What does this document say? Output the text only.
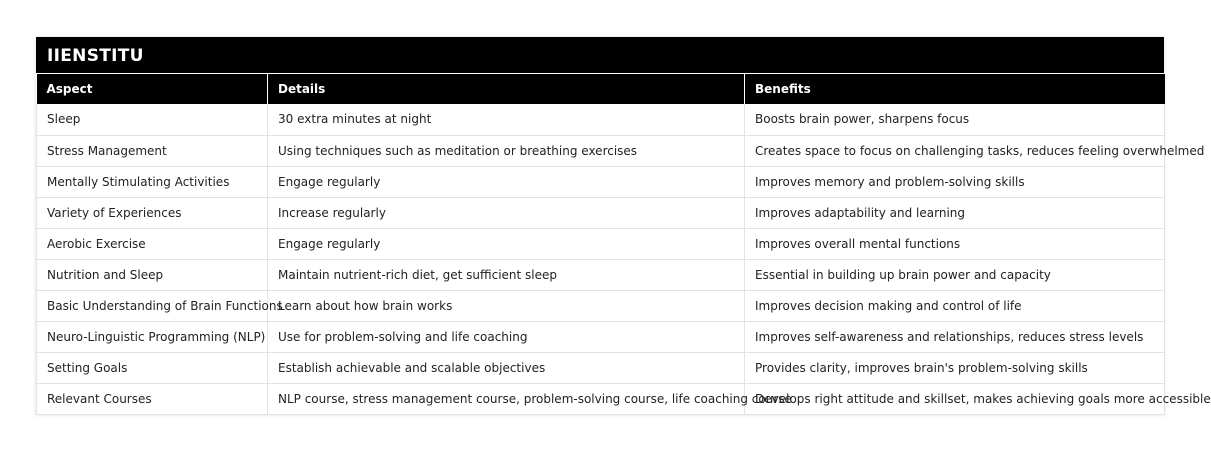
IIENSTITU
Aspect	Details	Benefits
Sleep	30 extra minutes at night	Boosts brain power, sharpens focus
Stress Management	Using techniques such as meditation or breathing exercises	Creates space to focus on challenging tasks, reduces feeling overwhelmed
Mentally Stimulating Activities	Engage regularly	Improves memory and problem-solving skills
Variety of Experiences	Increase regularly	Improves adaptability and learning
Aerobic Exercise	Engage regularly	Improves overall mental functions
Nutrition and Sleep	Maintain nutrient-rich diet, get sufficient sleep	Essential in building up brain power and capacity
Basic Understanding of Brain Functions	Learn about how brain works	Improves decision making and control of life
Neuro-Linguistic Programming (NLP)	Use for problem-solving and life coaching	Improves self-awareness and relationships, reduces stress levels
Setting Goals	Establish achievable and scalable objectives	Provides clarity, improves brain's problem-solving skills
Relevant Courses	NLP course, stress management course, problem-solving course, life coaching course	Develops right attitude and skillset, makes achieving goals more accessible
